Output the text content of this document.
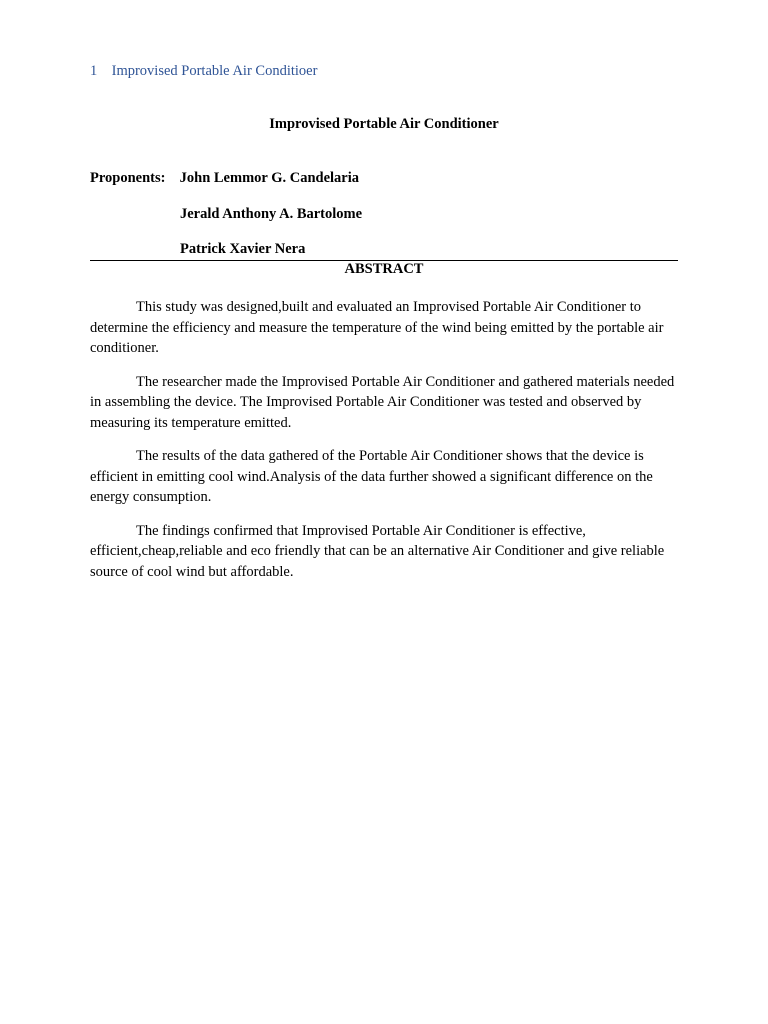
1 Improvised Portable Air Conditioer
Improvised Portable Air Conditioner
Proponents: John Lemmor G. Candelaria
Jerald Anthony A. Bartolome
Patrick Xavier Nera
ABSTRACT

This study was designed,built and evaluated an Improvised Portable Air Conditioner to determine the efficiency and measure the temperature of the wind being emitted by the portable air conditioner.

The researcher made the Improvised Portable Air Conditioner and gathered materials needed in assembling the device. The Improvised Portable Air Conditioner was tested and observed by measuring its temperature emitted.

The results of the data gathered of the Portable Air Conditioner shows that the device is efficient in emitting cool wind.Analysis of the data further showed a significant difference on the energy consumption.

The findings confirmed that Improvised Portable Air Conditioner is effective, efficient,cheap,reliable and eco friendly that can be an alternative Air Conditioner and give reliable source of cool wind but affordable.
